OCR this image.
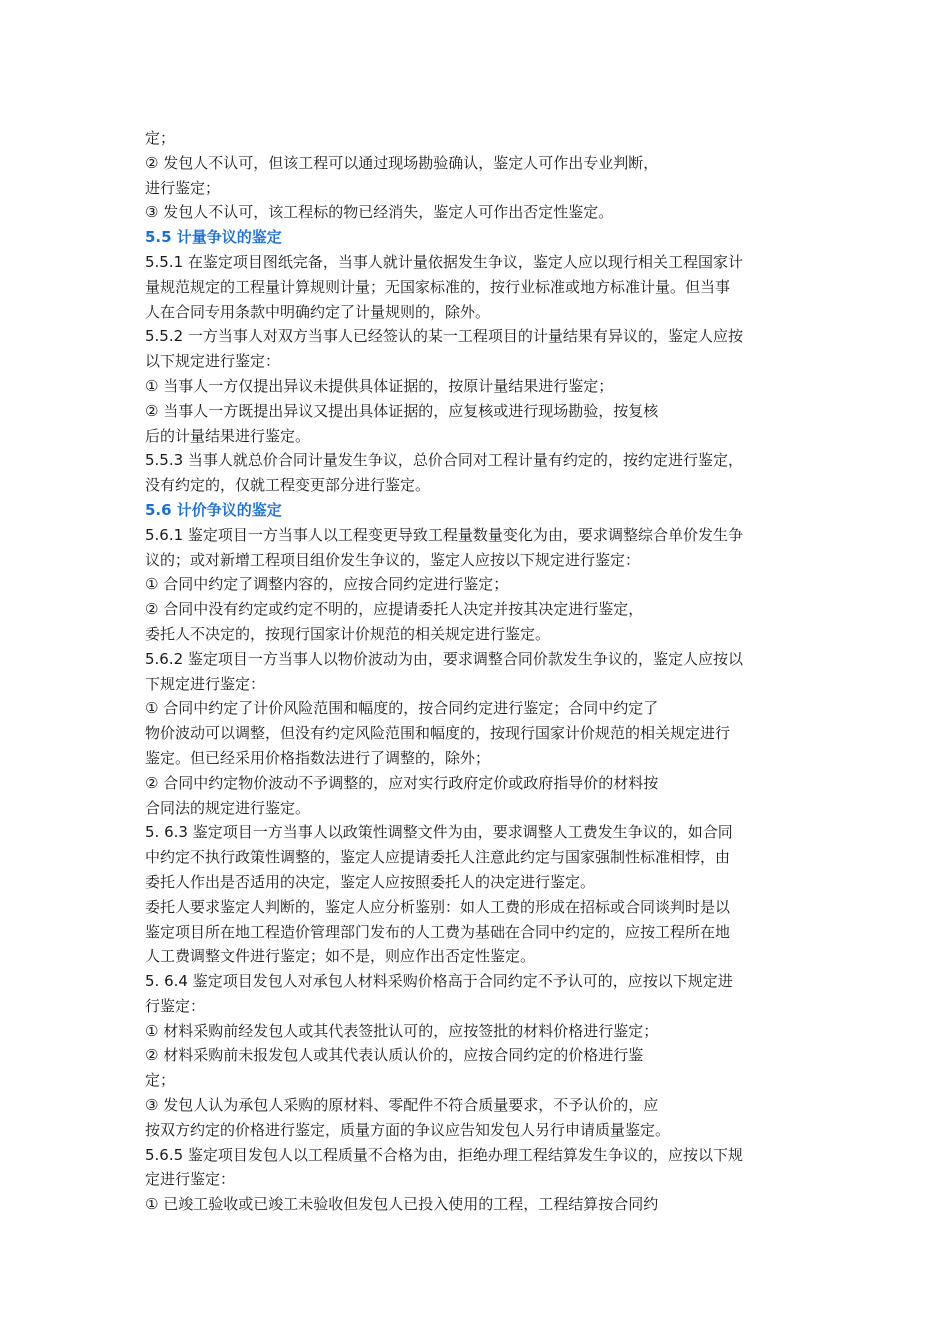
定；
② 发包人不认可，但该工程可以通过现场勘验确认，鉴定人可作出专业判断，
进行鉴定；
③ 发包人不认可，该工程标的物已经消失，鉴定人可作出否定性鉴定。
5.5 计量争议的鉴定
5.5.1 在鉴定项目图纸完备，当事人就计量依据发生争议，鉴定人应以现行相关工程国家计
量规范规定的工程量计算规则计量；无国家标准的，按行业标准或地方标准计量。但当事
人在合同专用条款中明确约定了计量规则的，除外。
5.5.2 一方当事人对双方当事人已经签认的某一工程项目的计量结果有异议的，鉴定人应按
以下规定进行鉴定：
① 当事人一方仅提出异议未提供具体证据的，按原计量结果进行鉴定；
② 当事人一方既提出异议又提出具体证据的，应复核或进行现场勘验，按复核
后的计量结果进行鉴定。
5.5.3 当事人就总价合同计量发生争议，总价合同对工程计量有约定的，按约定进行鉴定，
没有约定的，仅就工程变更部分进行鉴定。
5.6 计价争议的鉴定
5.6.1 鉴定项目一方当事人以工程变更导致工程量数量变化为由，要求调整综合单价发生争
议的；或对新增工程项目组价发生争议的，鉴定人应按以下规定进行鉴定：
① 合同中约定了调整内容的，应按合同约定进行鉴定；
② 合同中没有约定或约定不明的，应提请委托人决定并按其决定进行鉴定，
委托人不决定的，按现行国家计价规范的相关规定进行鉴定。
5.6.2 鉴定项目一方当事人以物价波动为由，要求调整合同价款发生争议的，鉴定人应按以
下规定进行鉴定：
① 合同中约定了计价风险范围和幅度的，按合同约定进行鉴定；合同中约定了
物价波动可以调整，但没有约定风险范围和幅度的，按现行国家计价规范的相关规定进行
鉴定。但已经采用价格指数法进行了调整的，除外；
② 合同中约定物价波动不予调整的，应对实行政府定价或政府指导价的材料按
合同法的规定进行鉴定。
5. 6.3 鉴定项目一方当事人以政策性调整文件为由，要求调整人工费发生争议的，如合同
中约定不执行政策性调整的，鉴定人应提请委托人注意此约定与国家强制性标准相悖，由
委托人作出是否适用的决定，鉴定人应按照委托人的决定进行鉴定。
委托人要求鉴定人判断的，鉴定人应分析鉴别：如人工费的形成在招标或合同谈判时是以
鉴定项目所在地工程造价管理部门发布的人工费为基础在合同中约定的，应按工程所在地
人工费调整文件进行鉴定；如不是，则应作出否定性鉴定。
5. 6.4 鉴定项目发包人对承包人材料采购价格高于合同约定不予认可的，应按以下规定进
行鉴定：
① 材料采购前经发包人或其代表签批认可的，应按签批的材料价格进行鉴定；
② 材料采购前未报发包人或其代表认质认价的，应按合同约定的价格进行鉴
定；
③ 发包人认为承包人采购的原材料、零配件不符合质量要求，不予认价的，应
按双方约定的价格进行鉴定，质量方面的争议应告知发包人另行申请质量鉴定。
5.6.5 鉴定项目发包人以工程质量不合格为由，拒绝办理工程结算发生争议的，应按以下规
定进行鉴定：
① 已竣工验收或已竣工未验收但发包人已投入使用的工程，工程结算按合同约
